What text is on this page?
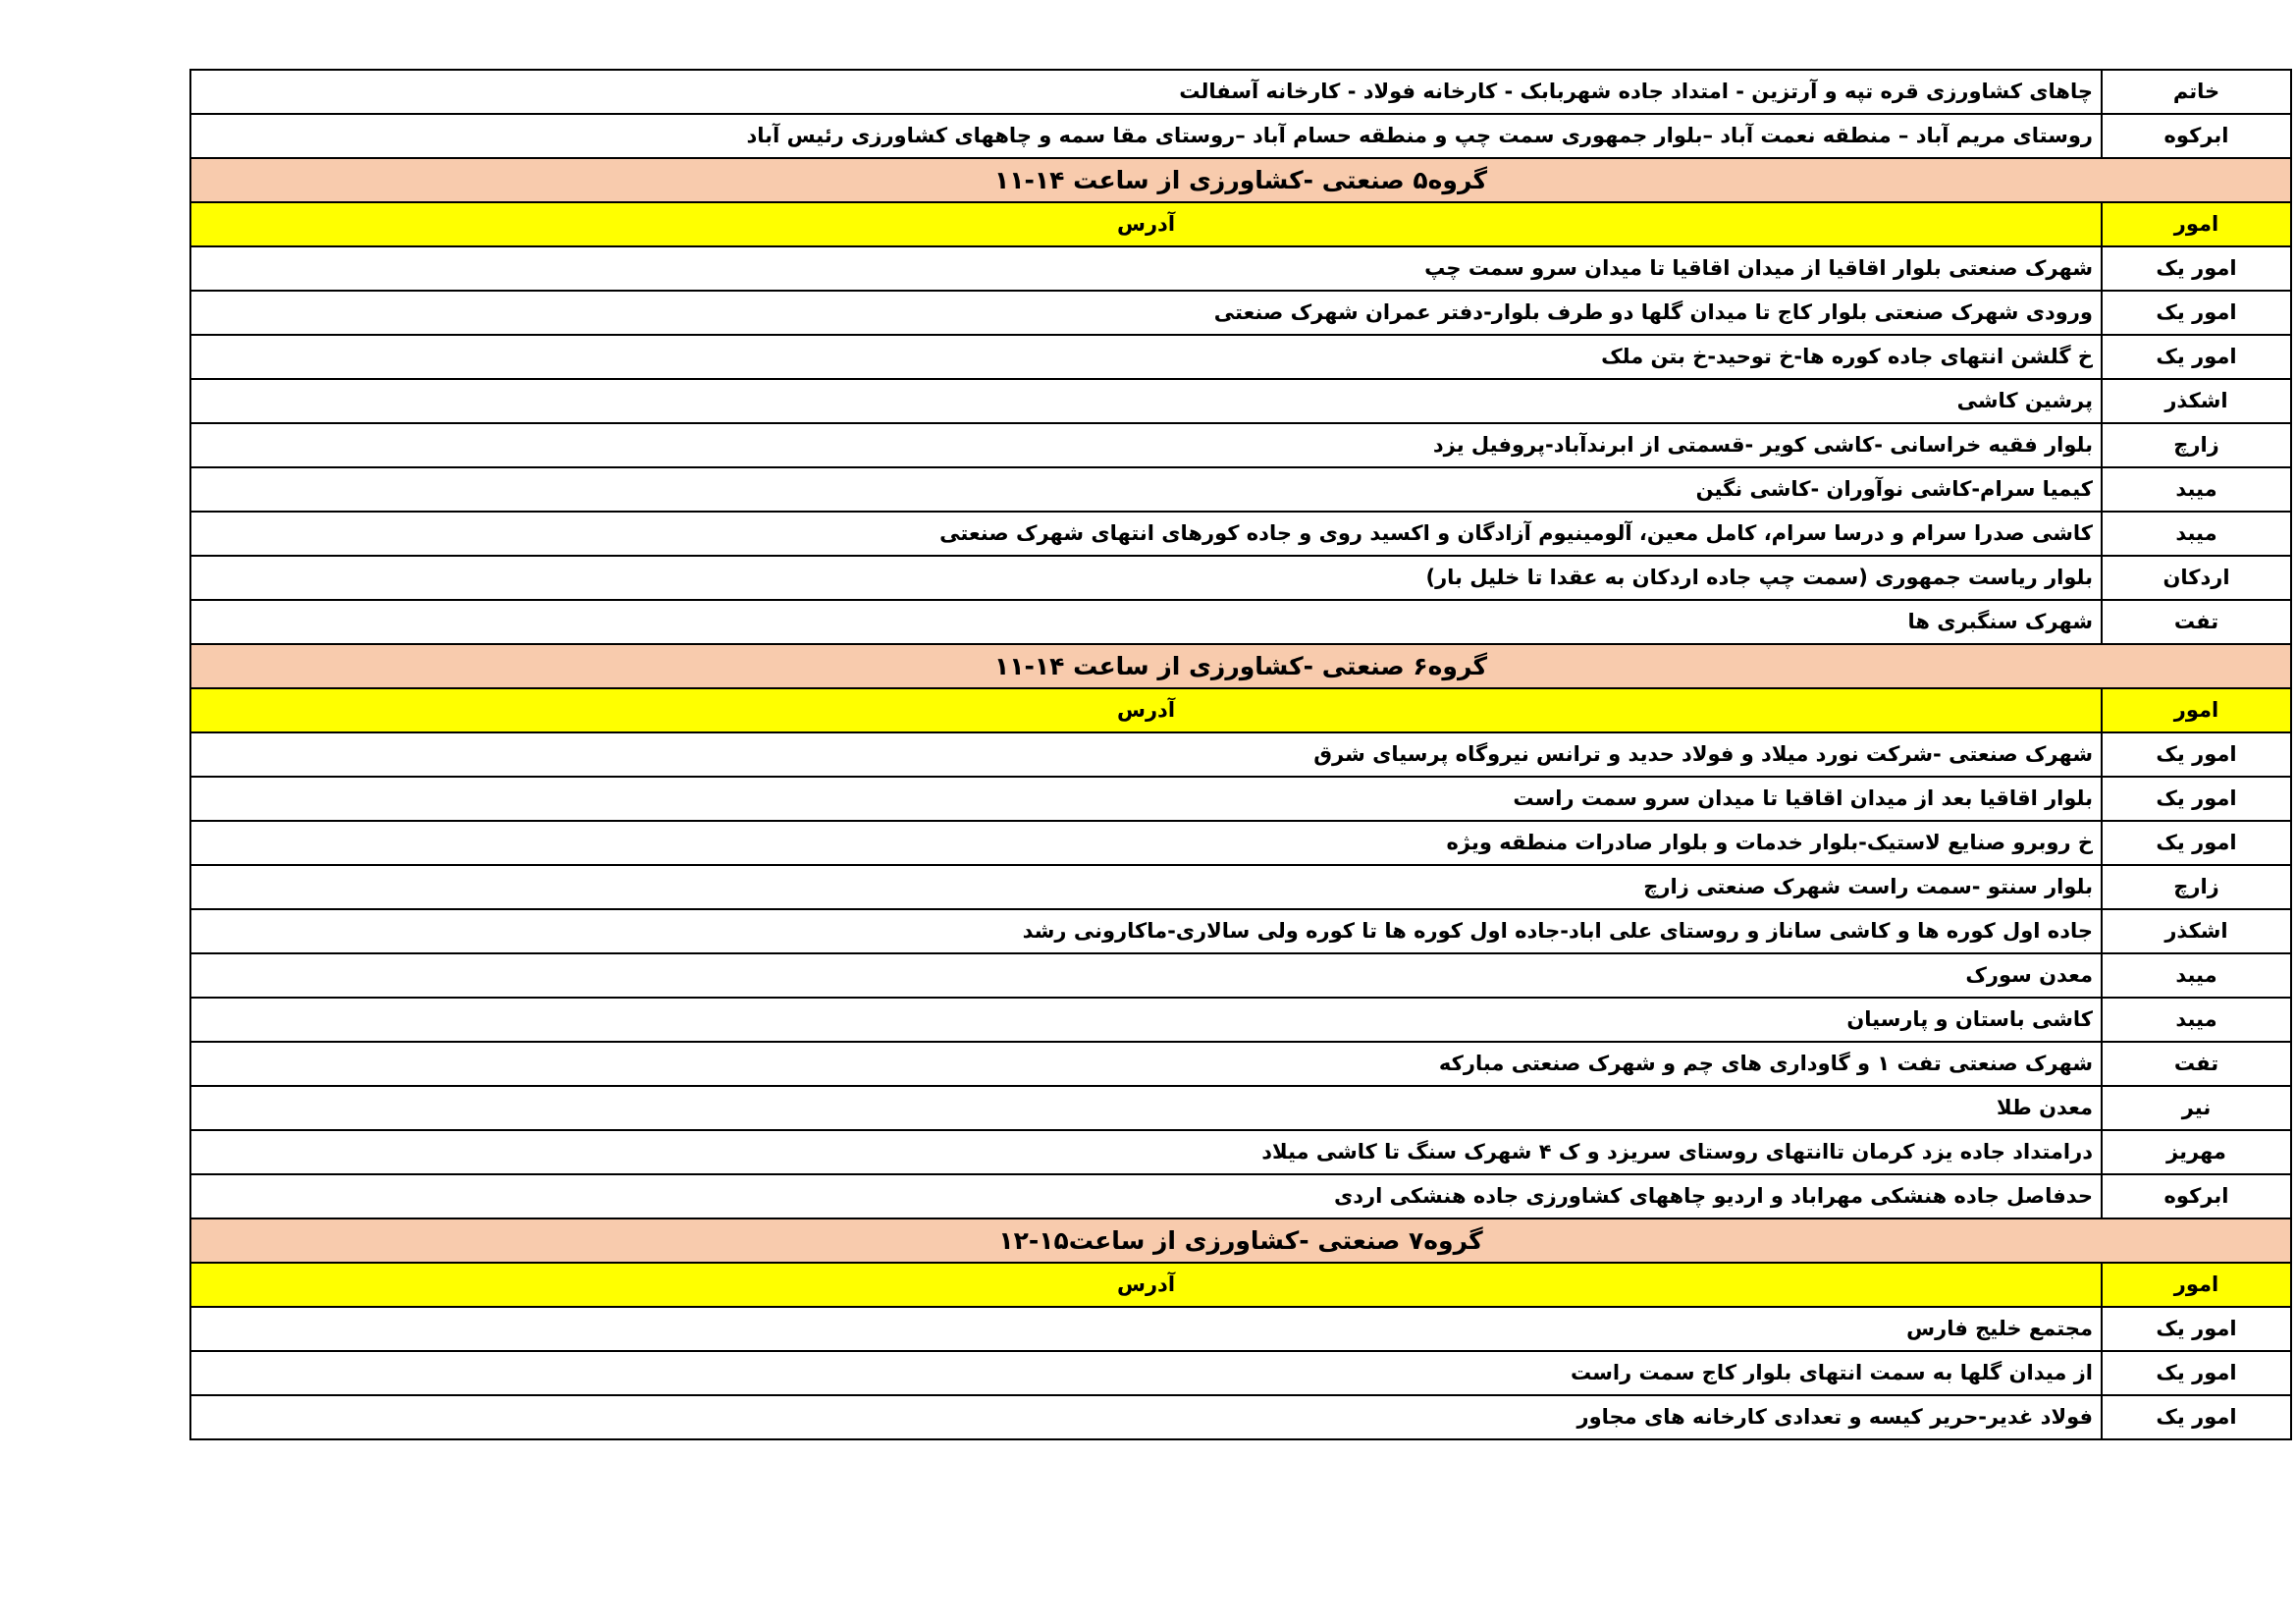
خاتم	چاهای کشاورزی قره تپه و آرتزین - امتداد جاده شهربابک - کارخانه فولاد - کارخانه آسفالت
ابرکوه	روستای مریم آباد – منطقه نعمت آباد –بلوار جمهوری سمت چپ و منطقه حسام آباد –روستای مقا سمه و چاههای کشاورزی رئیس آباد
گروه۵ صنعتی -کشاورزی از ساعت ۱۴-۱۱	
امور	آدرس
امور یک	شهرک صنعتی بلوار اقاقیا از میدان اقاقیا تا میدان سرو سمت چپ
امور یک	ورودی شهرک صنعتی بلوار کاج تا میدان گلها دو طرف بلوار-دفتر عمران شهرک صنعتی
امور یک	خ گلشن انتهای جاده کوره ها-خ توحید-خ بتن ملک
اشکذر	پرشین کاشی
زارچ	بلوار فقیه خراسانی -کاشی کویر -قسمتی از ابرندآباد-پروفیل یزد
میبد	کیمیا سرام-کاشی نوآوران -کاشی نگین
میبد	کاشی صدرا سرام و درسا سرام، کامل معین، آلومینیوم آزادگان و اکسید روی و جاده کورهای انتهای شهرک صنعتی
اردکان	بلوار ریاست جمهوری (سمت چپ جاده اردکان به عقدا تا خلیل بار)
تفت	شهرک سنگبری ها
گروه۶ صنعتی -کشاورزی از ساعت ۱۴-۱۱	
امور	آدرس
امور یک	شهرک صنعتی -شرکت نورد میلاد و فولاد حدید و ترانس نیروگاه پرسیای شرق
امور یک	بلوار اقاقیا بعد از میدان اقاقیا تا میدان سرو سمت راست
امور یک	خ روبرو صنایع لاستیک-بلوار خدمات و بلوار صادرات منطقه ویژه
زارچ	بلوار سنتو -سمت راست شهرک صنعتی زارچ
اشکذر	جاده اول کوره ها و کاشی ساناز و روستای علی اباد-جاده اول کوره ها تا کوره ولی سالاری-ماکارونی رشد
میبد	معدن سورک
میبد	کاشی باستان و پارسیان
تفت	شهرک صنعتی تفت ۱ و گاوداری های چم و شهرک صنعتی مبارکه
نیر	معدن طلا
مهریز	درامتداد جاده یزد کرمان تاانتهای روستای سریزد و ک ۴ شهرک سنگ تا کاشی میلاد
ابرکوه	حدفاصل جاده هنشکی مهراباد و اردیو چاههای کشاورزی جاده هنشکی اردی
گروه۷ صنعتی -کشاورزی از ساعت۱۵-۱۲	
امور	آدرس
امور یک	مجتمع خلیج فارس
امور یک	از میدان گلها به سمت انتهای بلوار کاج سمت راست
امور یک	فولاد غدیر-حریر کیسه و تعدادی کارخانه های مجاور
